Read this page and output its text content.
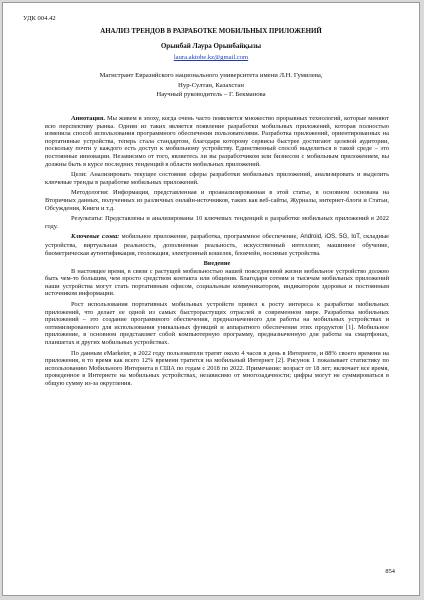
УДК 004.42
АНАЛИЗ ТРЕНДОВ В РАЗРАБОТКЕ МОБИЛЬНЫХ ПРИЛОЖЕНИЙ
Орынбай Лаура Орынбайқызы
laura.aktobe.kz@gmail.com
Магистрант Евразийского национального университета имени Л.Н. Гумилева,
Нур-Султан, Казахстан
Научный руководитель – Г. Бекманова

Аннотация. Мы живем в эпоху, когда очень часто появляется множество прорывных технологий, которые меняют всю перспективу рынка. Одним из таких является появление разработки мобильных приложений, которая полностью изменила способ использования программного обеспечения пользователями. Разработка приложений, ориентированных на портативные устройства, теперь стала стандартом, благодаря которому сервисы быстрее достигают целевой аудитории, поскольку почти у каждого есть доступ к мобильному устройству. Единственный способ выделиться в такой среде – это постоянные инновации. Независимо от того, являетесь ли вы разработчиком или бизнесом с мобильным приложением, вы должны быть в курсе последних тенденций в области мобильных приложений.

Цели: Анализировать текущее состояние сферы разработки мобильных приложений, анализировать и выделить ключевые тренды в разработке мобильных приложений.

Методология: Информация, представленная и проанализированная в этой статье, в основном основана на Вторичных данных, полученных из различных онлайн-источников, таких как веб-сайты, Журналы, интернет-блоги и Статьи, Обсуждения, Книги и т.д.

Результаты: Представлены и анализированы 10 ключевых тенденций в разработке мобильных приложений в 2022 году.

Ключевые слова: мобильное приложение, разработка, программное обеспечение, Android, iOS, 5G, IoT, складные устройства, виртуальная реальность, дополненная реальность, искусственный интеллект, машинное обучение, биометрическая аутентификация, геолокация, электронный кошелек, блокчейн, носимые устройства.

Введение

В настоящее время, в связи с растущей мобильностью нашей повседневной жизни мобильное устройство должно быть чем-то большим, чем просто средством контакта или общения. Благодаря сотням и тысячам мобильных приложений наши устройства могут стать портативным офисом, социальным коммуникатором, индикатором здоровья и постоянным источником информации.

Рост использования портативных мобильных устройств привел к росту интереса к разработке мобильных приложений, что делает ее одной из самых быстрорастущих отраслей в современном мире. Разработка мобильных приложений – это создание программного обеспечения, предназначенного для работы на мобильных устройствах и оптимизированного для использования уникальных функций и аппаратного обеспечения этих продуктов [1]. Мобильное приложение, в основном представляет собой компьютерную программу, предназначенную для работы на смартфонах, планшетах и других мобильных устройствах.

По данным eMarketer, в 2022 году пользователи тратят около 4 часов в день в Интернете, и 88% своего времени на приложения, в то время как всего 12% времени тратятся на мобильный Интернет [2]. Рисунок 1 показывает статистику по использованию Мобильного Интернета в США по годам с 2018 по 2022. Примечание: возраст от 18 лет; включает все время, проведенное в Интернете на мобильных устройствах, независимо от многозадачности; цифры могут не суммироваться в общую сумму из-за округления.

854
